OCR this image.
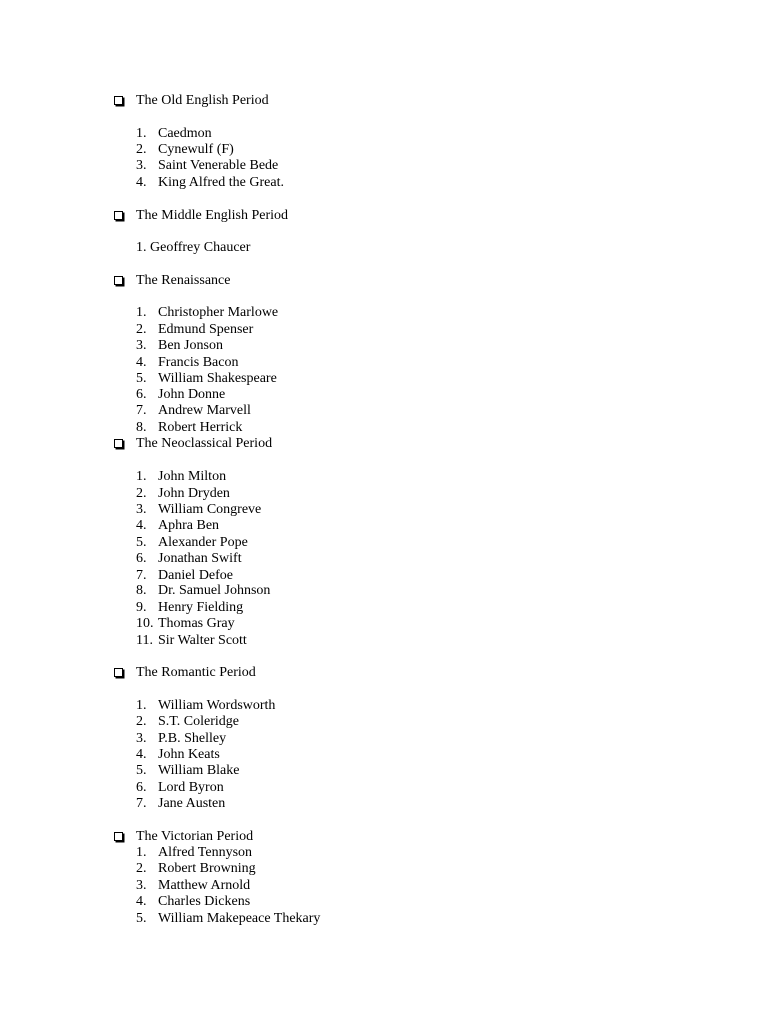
The Old English Period
1. Caedmon
2. Cynewulf (F)
3. Saint Venerable Bede
4. King Alfred the Great.
The Middle English Period
1. Geoffrey Chaucer
The Renaissance
1. Christopher Marlowe
2. Edmund Spenser
3. Ben Jonson
4. Francis Bacon
5. William Shakespeare
6. John Donne
7. Andrew Marvell
8. Robert Herrick
The Neoclassical Period
1. John Milton
2. John Dryden
3. William Congreve
4. Aphra Ben
5. Alexander Pope
6. Jonathan Swift
7. Daniel Defoe
8. Dr. Samuel Johnson
9. Henry Fielding
10. Thomas Gray
11. Sir Walter Scott
The Romantic Period
1. William Wordsworth
2. S.T. Coleridge
3. P.B. Shelley
4. John Keats
5. William Blake
6. Lord Byron
7. Jane Austen
The Victorian Period
1. Alfred Tennyson
2. Robert Browning
3. Matthew Arnold
4. Charles Dickens
5. William Makepeace Thekary
